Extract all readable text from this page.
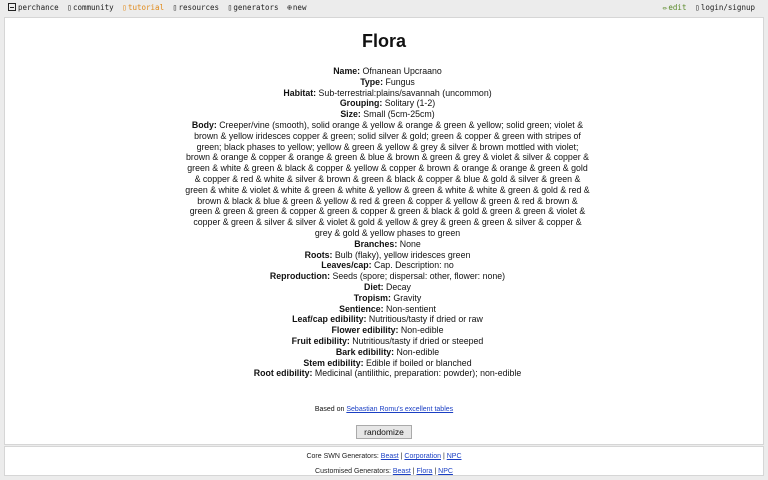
perchance ▯community ▯tutorial ▯resources ▯generators ⊕new	✏edit ▯login/signup
Flora
Name: Ofnanean Upcraano
Type: Fungus
Habitat: Sub-terrestrial:plains/savannah (uncommon)
Grouping: Solitary (1-2)
Size: Small (5cm-25cm)
Body: Creeper/vine (smooth), solid orange & yellow & orange & green & yellow; solid green; violet & brown & yellow iridesces copper & green; solid silver & gold; green & copper & green with stripes of green; black phases to yellow; yellow & green & yellow & grey & silver & brown mottled with violet; brown & orange & copper & orange & green & blue & brown & green & grey & violet & silver & copper & green & white & green & black & copper & yellow & copper & brown & orange & orange & green & gold & copper & red & white & silver & brown & green & black & copper & blue & gold & silver & green & green & white & violet & white & green & white & yellow & green & white & white & green & gold & red & brown & black & blue & green & yellow & red & green & copper & yellow & green & red & brown & green & green & green & copper & green & copper & green & black & gold & green & green & violet & copper & green & silver & silver & violet & gold & yellow & grey & green & green & silver & copper & grey & gold & yellow phases to green
Branches: None
Roots: Bulb (flaky), yellow iridesces green
Leaves/cap: Cap. Description: no
Reproduction: Seeds (spore; dispersal: other, flower: none)
Diet: Decay
Tropism: Gravity
Sentience: Non-sentient
Leaf/cap edibility: Nutritious/tasty if dried or raw
Flower edibility: Non-edible
Fruit edibility: Nutritious/tasty if dried or steeped
Bark edibility: Non-edible
Stem edibility: Edible if boiled or blanched
Root edibility: Medicinal (antilithic, preparation: powder); non-edible
Based on Sebastian Romu's excellent tables
randomize
Core SWN Generators: Beast | Corporation | NPC
Customised Generators: Beast | Flora | NPC
